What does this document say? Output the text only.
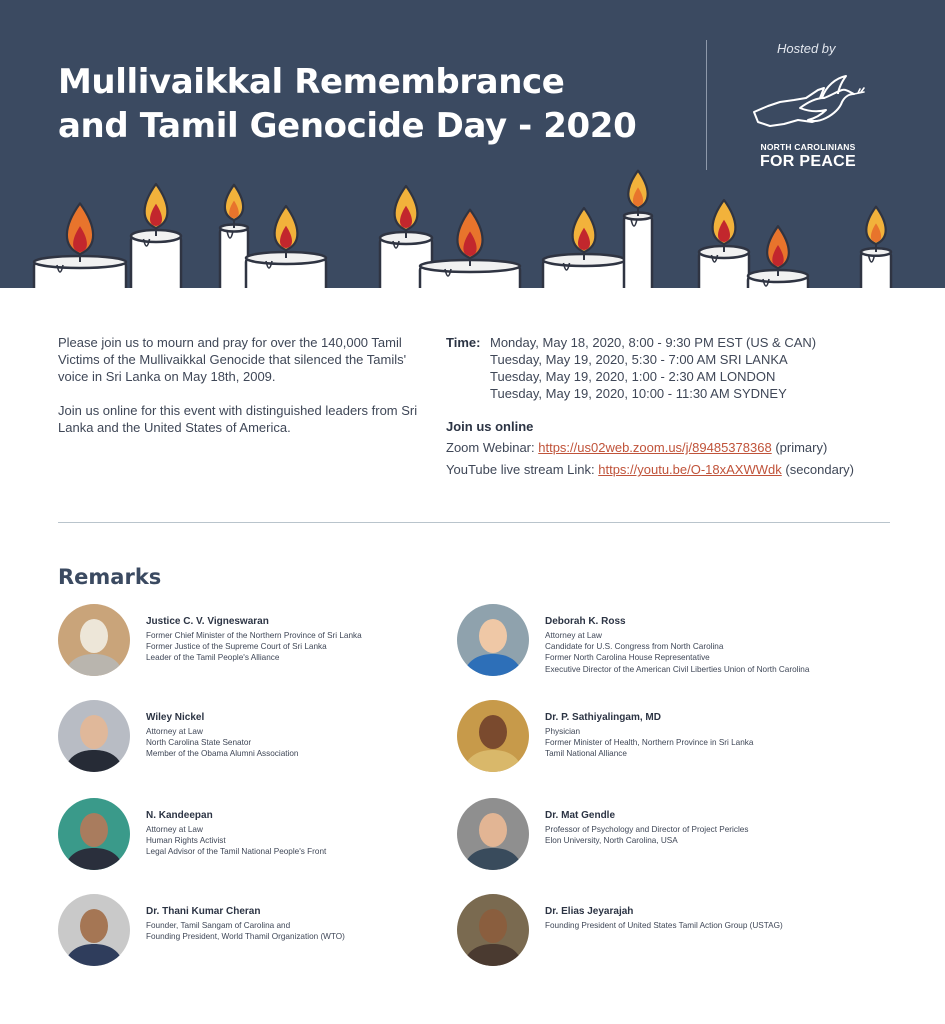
Mullivaikkal Remembrance
and Tamil Genocide Day - 2020
Hosted by
NORTH CAROLINIANS
FOR PEACE

Please join us to mourn and pray for over the 140,000 Tamil Victims of the Mullivaikkal Genocide that silenced the Tamils' voice in Sri Lanka on May 18th, 2009.

Join us online for this event with distinguished leaders from Sri Lanka and the United States of America.

Time: Monday, May 18, 2020, 8:00 - 9:30 PM EST (US & CAN)
Tuesday, May 19, 2020, 5:30 - 7:00 AM SRI LANKA
Tuesday, May 19, 2020, 1:00 - 2:30 AM LONDON
Tuesday, May 19, 2020, 10:00 - 11:30 AM SYDNEY
Join us online
Zoom Webinar: https://us02web.zoom.us/j/89485378368 (primary)
YouTube live stream Link: https://youtu.be/O-18xAXWWdk (secondary)
Remarks
Justice C. V. Vigneswaran
Former Chief Minister of the Northern Province of Sri Lanka
Former Justice of the Supreme Court of Sri Lanka
Leader of the Tamil People's Alliance
Deborah K. Ross
Attorney at Law
Candidate for U.S. Congress from North Carolina
Former North Carolina House Representative
Executive Director of the American Civil Liberties Union of North Carolina
Wiley Nickel
Attorney at Law
North Carolina State Senator
Member of the Obama Alumni Association
Dr. P. Sathiyalingam, MD
Physician
Former Minister of Health, Northern Province in Sri Lanka
Tamil National Alliance
N. Kandeepan
Attorney at Law
Human Rights Activist
Legal Advisor of the Tamil National People's Front
Dr. Mat Gendle
Professor of Psychology and Director of Project Pericles
Elon University, North Carolina, USA
Dr. Thani Kumar Cheran
Founder, Tamil Sangam of Carolina and
Founding President, World Thamil Organization (WTO)
Dr. Elias Jeyarajah
Founding President of United States Tamil Action Group (USTAG)
